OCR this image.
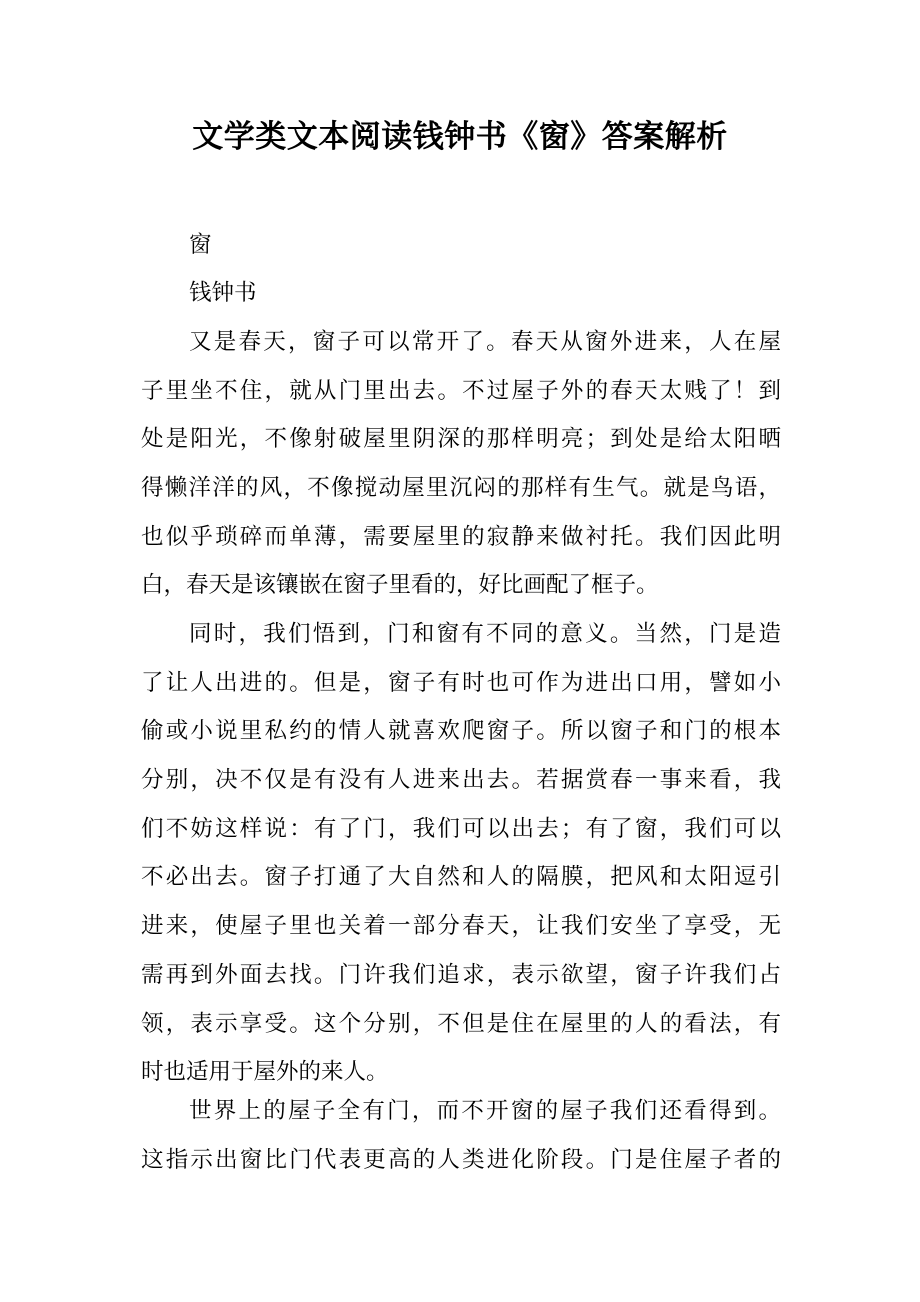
文学类文本阅读钱钟书《窗》答案解析

窗

钱钟书

又是春天，窗子可以常开了。春天从窗外进来，人在屋
子里坐不住，就从门里出去。不过屋子外的春天太贱了！到
处是阳光，不像射破屋里阴深的那样明亮；到处是给太阳晒
得懒洋洋的风，不像搅动屋里沉闷的那样有生气。就是鸟语，
也似乎琐碎而单薄，需要屋里的寂静来做衬托。我们因此明
白，春天是该镶嵌在窗子里看的，好比画配了框子。
同时，我们悟到，门和窗有不同的意义。当然，门是造
了让人出进的。但是，窗子有时也可作为进出口用，譬如小
偷或小说里私约的情人就喜欢爬窗子。所以窗子和门的根本
分别，决不仅是有没有人进来出去。若据赏春一事来看，我
们不妨这样说：有了门，我们可以出去；有了窗，我们可以
不必出去。窗子打通了大自然和人的隔膜，把风和太阳逗引
进来，使屋子里也关着一部分春天，让我们安坐了享受，无
需再到外面去找。门许我们追求，表示欲望，窗子许我们占
领，表示享受。这个分别，不但是住在屋里的人的看法，有
时也适用于屋外的来人。
世界上的屋子全有门，而不开窗的屋子我们还看得到。
这指示出窗比门代表更高的人类进化阶段。门是住屋子者的
